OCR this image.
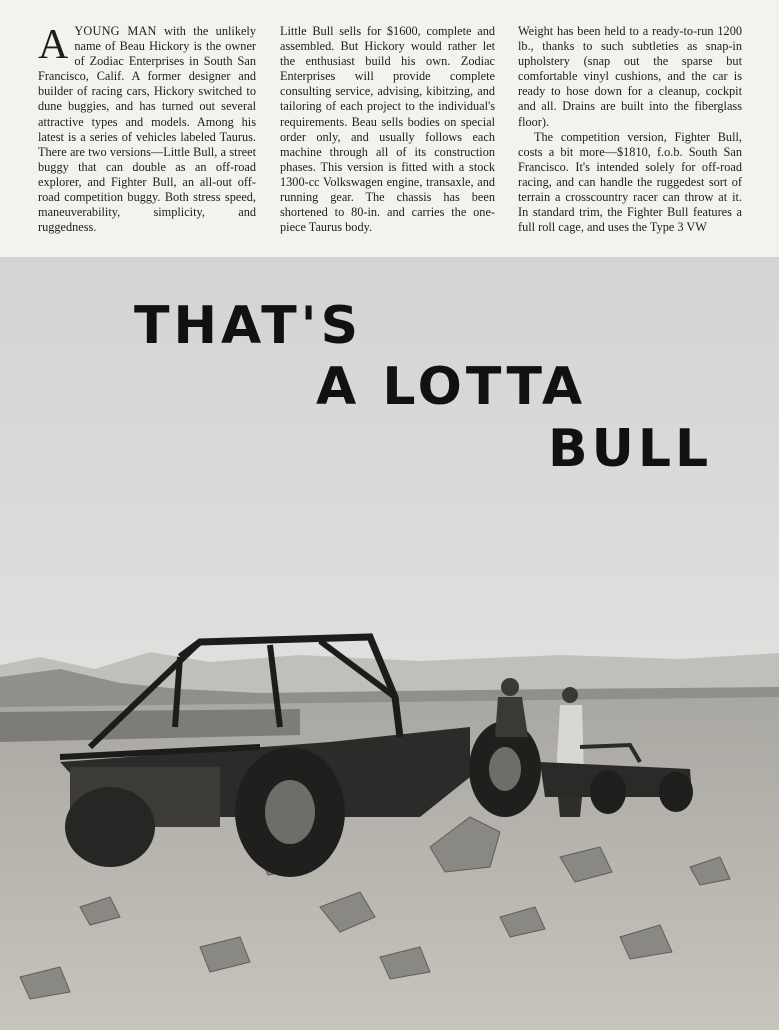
AYOUNG MAN with the unlikely name of Beau Hickory is the owner of Zodiac Enterprises in South San Francisco, Calif. A former designer and builder of racing cars, Hickory switched to dune buggies, and has turned out several attractive types and models. Among his latest is a series of vehicles labeled Taurus. There are two versions—Little Bull, a street buggy that can double as an off-road explorer, and Fighter Bull, an all-out off-road competition buggy. Both stress speed, maneuverability, simplicity, and ruggedness.

Little Bull sells for $1600, complete and assembled. But Hickory would rather let the enthusiast build his own. Zodiac Enterprises will provide complete consulting service, advising, kibitzing, and tailoring of each project to the individual's requirements. Beau sells bodies on special order only, and usually follows each machine through all of its construction phases. This version is fitted with a stock 1300-cc Volkswagen engine, transaxle, and running gear. The chassis has been shortened to 80-in. and carries the one-piece Taurus body.

Weight has been held to a ready-to-run 1200 lb., thanks to such subtleties as snap-in upholstery (snap out the sparse but comfortable vinyl cushions, and the car is ready to hose down for a cleanup, cockpit and all. Drains are built into the fiberglass floor).

The competition version, Fighter Bull, costs a bit more—$1810, f.o.b. South San Francisco. It's intended solely for off-road racing, and can handle the ruggedest sort of terrain a crosscountry racer can throw at it. In standard trim, the Fighter Bull features a full roll cage, and uses the Type 3 VW

THAT'S
A LOTTA
BULL
